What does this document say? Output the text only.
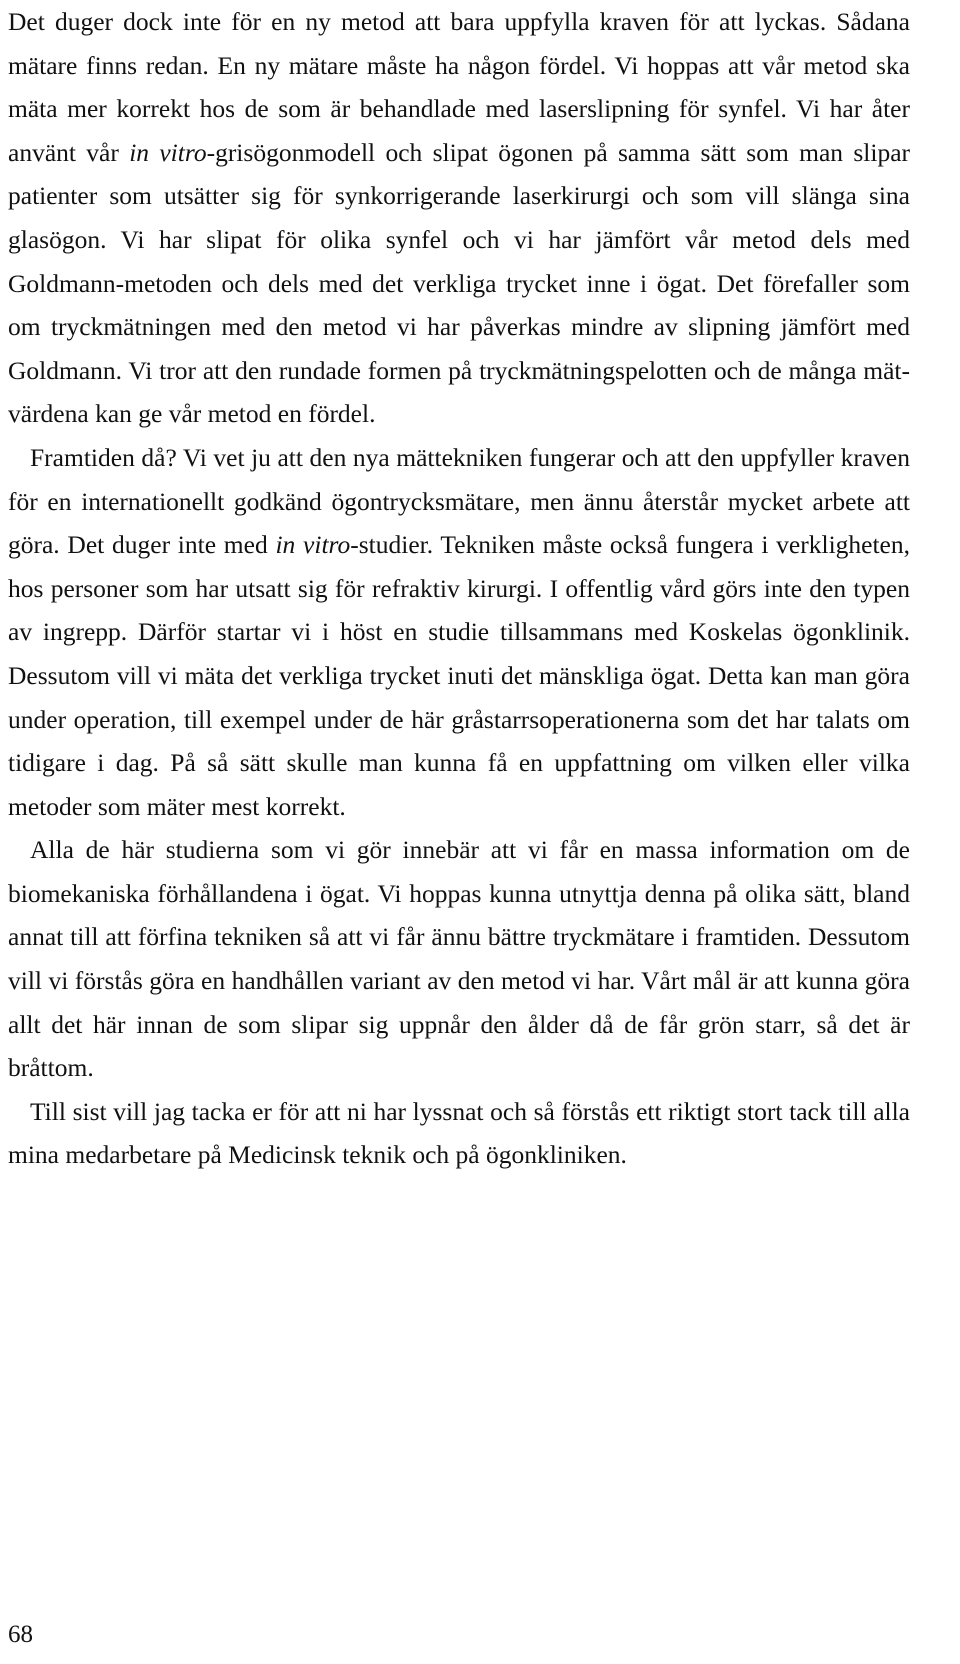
Det duger dock inte för en ny metod att bara uppfylla kraven för att lyckas. Sådana mätare finns redan. En ny mätare måste ha någon fördel. Vi hoppas att vår metod ska mäta mer korrekt hos de som är behandlade med laserslipning för synfel. Vi har åter använt vår in vitro-grisögonmodell och slipat ögonen på samma sätt som man slipar patienter som utsätter sig för synkorrigerande laserkirurgi och som vill slänga sina glasögon. Vi har slipat för olika synfel och vi har jämfört vår metod dels med Goldmann-metoden och dels med det verkliga trycket inne i ögat. Det förefaller som om tryckmätningen med den metod vi har påverkas mindre av slipning jämfört med Goldmann. Vi tror att den rundade formen på tryckmätningspelotten och de många mätvärdena kan ge vår metod en fördel.

Framtiden då? Vi vet ju att den nya mättekniken fungerar och att den uppfyller kraven för en internationellt godkänd ögontrycksmätare, men ännu återstår mycket arbete att göra. Det duger inte med in vitro-studier. Tekniken måste också fungera i verkligheten, hos personer som har utsatt sig för refraktiv kirurgi. I offentlig vård görs inte den typen av ingrepp. Därför startar vi i höst en studie tillsammans med Koskelas ögonklinik. Dessutom vill vi mäta det verkliga trycket inuti det mänskliga ögat. Detta kan man göra under operation, till exempel under de här gråstarrsoperationerna som det har talats om tidigare i dag. På så sätt skulle man kunna få en uppfattning om vilken eller vilka metoder som mäter mest korrekt.

Alla de här studierna som vi gör innebär att vi får en massa information om de biomekaniska förhållandena i ögat. Vi hoppas kunna utnyttja denna på olika sätt, bland annat till att förfina tekniken så att vi får ännu bättre tryckmätare i framtiden. Dessutom vill vi förstås göra en handhållen variant av den metod vi har. Vårt mål är att kunna göra allt det här innan de som slipar sig uppnår den ålder då de får grön starr, så det är bråttom.

Till sist vill jag tacka er för att ni har lyssnat och så förstås ett riktigt stort tack till alla mina medarbetare på Medicinsk teknik och på ögonkliniken.

68
